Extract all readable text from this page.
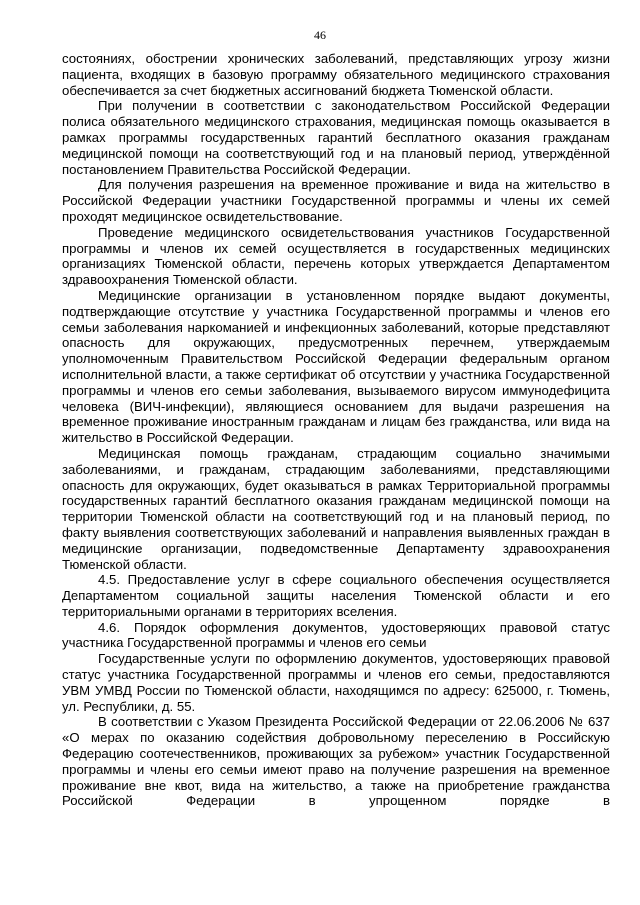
46

состояниях, обострении хронических заболеваний, представляющих угрозу жизни пациента, входящих в базовую программу обязательного медицинского страхования обеспечивается за счет бюджетных ассигнований бюджета Тюменской области.

При получении в соответствии с законодательством Российской Федерации полиса обязательного медицинского страхования, медицинская помощь оказывается в рамках программы государственных гарантий бесплатного оказания гражданам медицинской помощи на соответствующий год и на плановый период, утверждённой постановлением Правительства Российской Федерации.

Для получения разрешения на временное проживание и вида на жительство в Российской Федерации участники Государственной программы и члены их семей проходят медицинское освидетельствование.

Проведение медицинского освидетельствования участников Государственной программы и членов их семей осуществляется в государственных медицинских организациях Тюменской области, перечень которых утверждается Департаментом здравоохранения Тюменской области.

Медицинские организации в установленном порядке выдают документы, подтверждающие отсутствие у участника Государственной программы и членов его семьи заболевания наркоманией и инфекционных заболеваний, которые представляют опасность для окружающих, предусмотренных перечнем, утверждаемым уполномоченным Правительством Российской Федерации федеральным органом исполнительной власти, а также сертификат об отсутствии у участника Государственной программы и членов его семьи заболевания, вызываемого вирусом иммунодефицита человека (ВИЧ-инфекции), являющиеся основанием для выдачи разрешения на временное проживание иностранным гражданам и лицам без гражданства, или вида на жительство в Российской Федерации.

Медицинская помощь гражданам, страдающим социально значимыми заболеваниями, и гражданам, страдающим заболеваниями, представляющими опасность для окружающих, будет оказываться в рамках Территориальной программы государственных гарантий бесплатного оказания гражданам медицинской помощи на территории Тюменской области на соответствующий год и на плановый период, по факту выявления соответствующих заболеваний и направления выявленных граждан в медицинские организации, подведомственные Департаменту здравоохранения Тюменской области.

4.5. Предоставление услуг в сфере социального обеспечения осуществляется Департаментом социальной защиты населения Тюменской области и его территориальными органами в территориях вселения.

4.6. Порядок оформления документов, удостоверяющих правовой статус участника Государственной программы и членов его семьи

Государственные услуги по оформлению документов, удостоверяющих правовой статус участника Государственной программы и членов его семьи, предоставляются УВМ УМВД России по Тюменской области, находящимся по адресу: 625000, г. Тюмень, ул. Республики, д. 55.

В соответствии с Указом Президента Российской Федерации от 22.06.2006 № 637 «О мерах по оказанию содействия добровольному переселению в Российскую Федерацию соотечественников, проживающих за рубежом» участник Государственной программы и члены его семьи имеют право на получение разрешения на временное проживание вне квот, вида на жительство, а также на приобретение гражданства Российской Федерации в упрощенном порядке в
